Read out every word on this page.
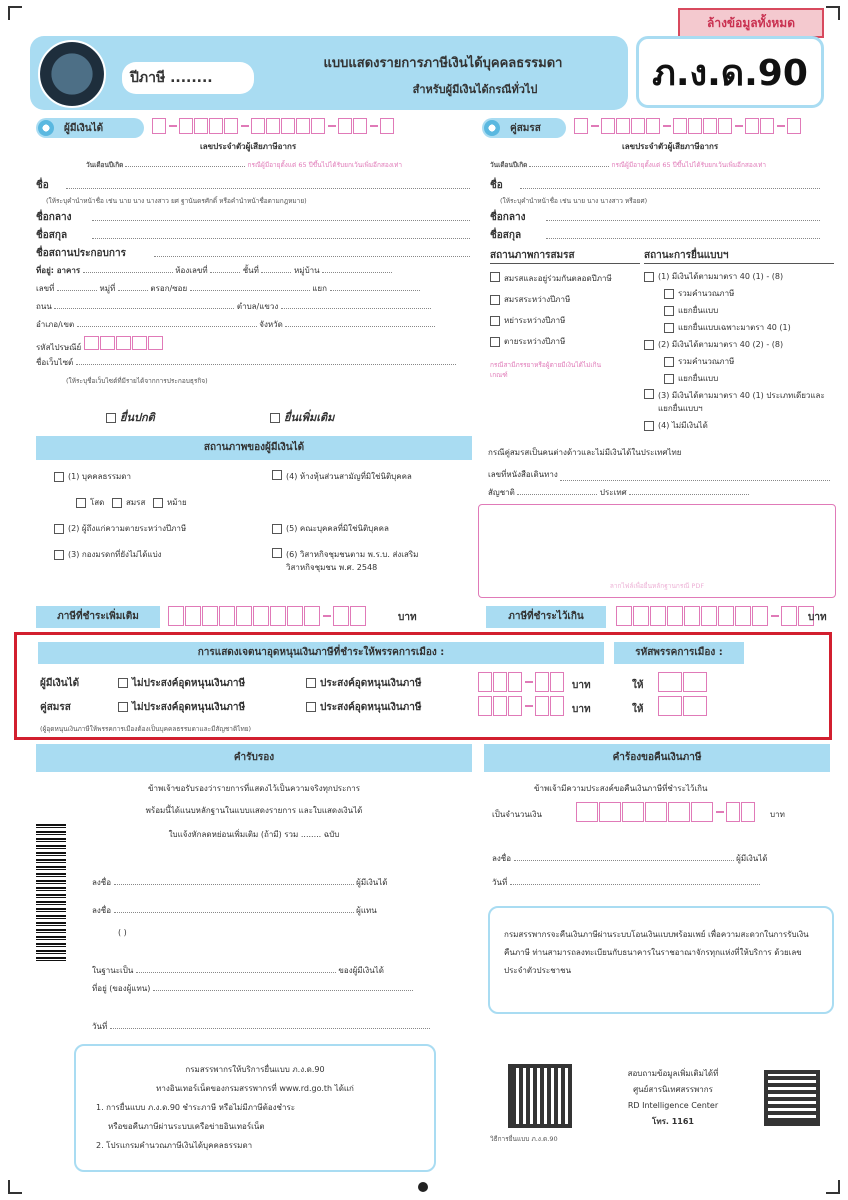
ล้างข้อมูลทั้งหมด
ปีภาษี ........
แบบแสดงรายการภาษีเงินได้บุคคลธรรมดา
สำหรับผู้มีเงินได้กรณีทั่วไป	ภ.ง.ด.90
ผู้มีเงินได้
เลขประจำตัวผู้เสียภาษีอากร
วันเดือนปีเกิด	กรณีผู้มีอายุตั้งแต่ 65 ปีขึ้นไปได้รับยกเว้นเพิ่มอีกสองเท่า
ชื่อ
(ให้ระบุคำนำหน้าชื่อ เช่น นาย นาง นางสาว ยศ ฐานันดรศักดิ์ หรือคำนำหน้าชื่อตามกฎหมาย)
ชื่อกลาง
ชื่อสกุล
ชื่อสถานประกอบการ
ที่อยู่: อาคาร	ห้องเลขที่	ชั้นที่	หมู่บ้าน
เลขที่	หมู่ที่	ตรอก/ซอย	แยก
ถนน	ตำบล/แขวง
อำเภอ/เขต	จังหวัด
รหัสไปรษณีย์
ชื่อเว็บไซต์
(ให้ระบุชื่อเว็บไซต์ที่มีรายได้จากการประกอบธุรกิจ)
ยื่นปกติ	ยื่นเพิ่มเติม
คู่สมรส
เลขประจำตัวผู้เสียภาษีอากร
วันเดือนปีเกิด	กรณีผู้มีอายุตั้งแต่ 65 ปีขึ้นไปได้รับยกเว้นเพิ่มอีกสองเท่า
ชื่อ
(ให้ระบุคำนำหน้าชื่อ เช่น นาย นาง นางสาว หรือยศ)
ชื่อกลาง
ชื่อสกุล
สถานภาพการสมรส
สมรสและอยู่ร่วมกันตลอดปีภาษี
สมรสระหว่างปีภาษี
หย่าระหว่างปีภาษี
ตายระหว่างปีภาษี
กรณีสามีภรรยาหรือผู้ตายมีเงินได้ไม่เกินเกณฑ์
สถานะการยื่นแบบฯ
(1) มีเงินได้ตามมาตรา 40 (1) - (8)
รวมคำนวณภาษี
แยกยื่นแบบ
แยกยื่นแบบเฉพาะมาตรา 40 (1)
(2) มีเงินได้ตามมาตรา 40 (2) - (8)
รวมคำนวณภาษี
แยกยื่นแบบ
(3) มีเงินได้ตามมาตรา 40 (1) ประเภทเดียวและแยกยื่นแบบฯ
(4) ไม่มีเงินได้
กรณีคู่สมรสเป็นคนต่างด้าวและไม่มีเงินได้ในประเทศไทย
เลขที่หนังสือเดินทาง
สัญชาติ	ประเทศ
ลากไฟล์เพื่อยื่นหลักฐานกรณี PDF
สถานภาพของผู้มีเงินได้
(1) บุคคลธรรมดา
โสด	สมรส	หม้าย
(2) ผู้ถึงแก่ความตายระหว่างปีภาษี
(3) กองมรดกที่ยังไม่ได้แบ่ง
(4) ห้างหุ้นส่วนสามัญที่มิใช่นิติบุคคล
(5) คณะบุคคลที่มิใช่นิติบุคคล
(6) วิสาหกิจชุมชนตาม พ.ร.บ. ส่งเสริมวิสาหกิจชุมชน พ.ศ. 2548
ภาษีที่ชำระเพิ่มเติม	บาท	ภาษีที่ชำระไว้เกิน	บาท
การแสดงเจตนาอุดหนุนเงินภาษีที่ชำระให้พรรคการเมือง :	รหัสพรรคการเมือง :
ผู้มีเงินได้	ไม่ประสงค์อุดหนุนเงินภาษี	ประสงค์อุดหนุนเงินภาษี	บาท	ให้
คู่สมรส	ไม่ประสงค์อุดหนุนเงินภาษี	ประสงค์อุดหนุนเงินภาษี	บาท	ให้
(ผู้อุดหนุนเงินภาษีให้พรรคการเมืองต้องเป็นบุคคลธรรมดาและมีสัญชาติไทย)
คำรับรอง
ข้าพเจ้าขอรับรองว่ารายการที่แสดงไว้เป็นความจริงทุกประการ
พร้อมนี้ได้แนบหลักฐานในแบบแสดงรายการ และใบแสดงเงินได้
ใบแจ้งหักลดหย่อนเพิ่มเติม (ถ้ามี) รวม ........ ฉบับ
ลงชื่อ	ผู้มีเงินได้
ลงชื่อ	ผู้แทน
( )
ในฐานะเป็น	ของผู้มีเงินได้
ที่อยู่ (ของผู้แทน)
วันที่
คำร้องขอคืนเงินภาษี
ข้าพเจ้ามีความประสงค์ขอคืนเงินภาษีที่ชำระไว้เกิน
เป็นจำนวนเงิน	บาท
ลงชื่อ	ผู้มีเงินได้
วันที่
กรมสรรพากรจะคืนเงินภาษีผ่านระบบโอนเงินแบบพร้อมเพย์ เพื่อความสะดวกในการรับเงินคืนภาษี ท่านสามารถลงทะเบียนกับธนาคารในราชอาณาจักรทุกแห่งที่ให้บริการ ด้วยเลขประจำตัวประชาชน
กรมสรรพากรให้บริการยื่นแบบ ภ.ง.ด.90
ทางอินเทอร์เน็ตของกรมสรรพากรที่ www.rd.go.th ได้แก่
1. การยื่นแบบ ภ.ง.ด.90 ชำระภาษี หรือไม่มีภาษีต้องชำระ
หรือขอคืนภาษีผ่านระบบเครือข่ายอินเทอร์เน็ต
2. โปรแกรมคำนวณภาษีเงินได้บุคคลธรรมดา
วิธีการยื่นแบบ ภ.ง.ด.90
สอบถามข้อมูลเพิ่มเติมได้ที่
ศูนย์สารนิเทศสรรพากร
RD Intelligence Center
โทร. 1161
